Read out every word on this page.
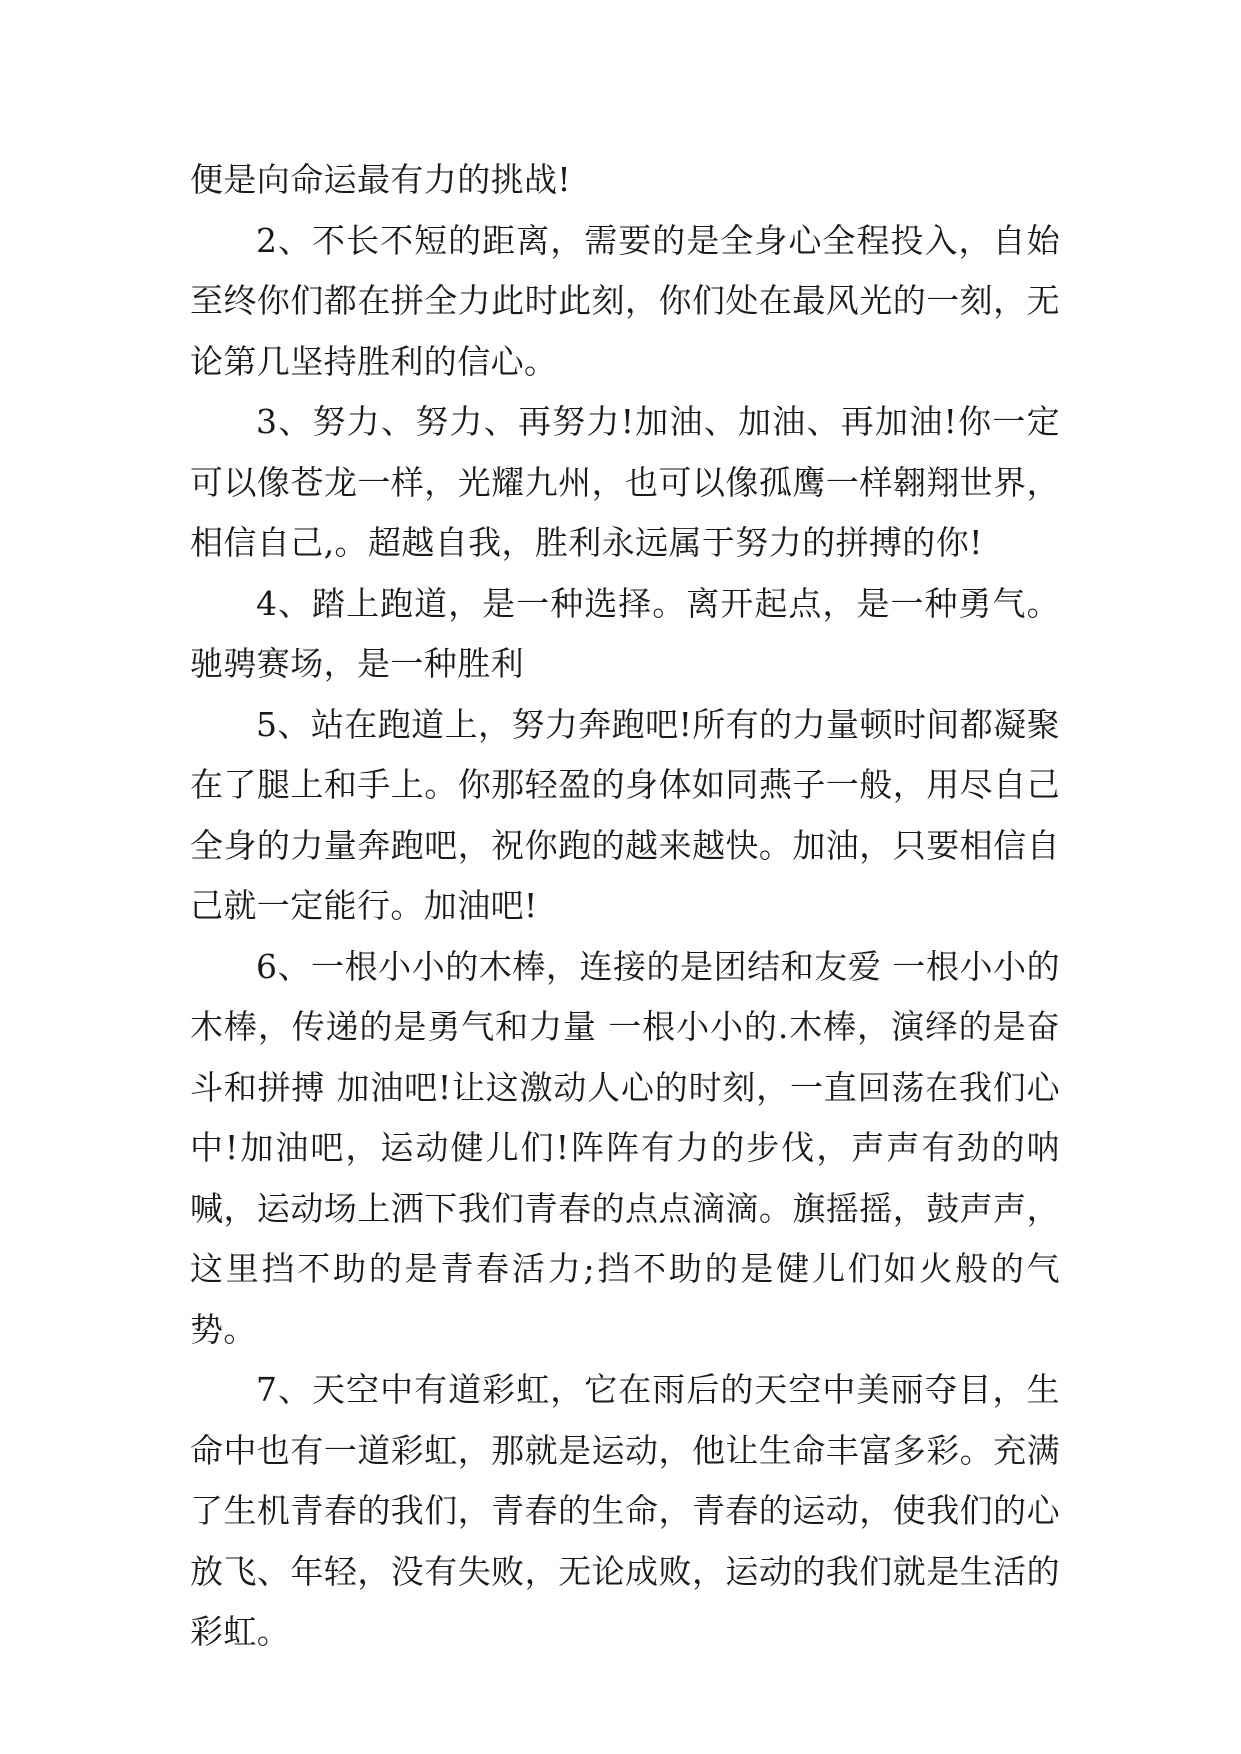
便是向命运最有力的挑战!

2、不长不短的距离，需要的是全身心全程投入，自始至终你们都在拼全力此时此刻，你们处在最风光的一刻，无论第几坚持胜利的信心。

3、努力、努力、再努力!加油、加油、再加油!你一定可以像苍龙一样，光耀九州，也可以像孤鹰一样翱翔世界，相信自己,。超越自我，胜利永远属于努力的拼搏的你!

4、踏上跑道，是一种选择。离开起点，是一种勇气。驰骋赛场，是一种胜利

5、站在跑道上，努力奔跑吧!所有的力量顿时间都凝聚在了腿上和手上。你那轻盈的身体如同燕子一般，用尽自己全身的力量奔跑吧，祝你跑的越来越快。加油，只要相信自己就一定能行。加油吧!

6、一根小小的木棒，连接的是团结和友爱 一根小小的木棒，传递的是勇气和力量 一根小小的.木棒，演绎的是奋斗和拼搏 加油吧!让这激动人心的时刻，一直回荡在我们心中!加油吧，运动健儿们!阵阵有力的步伐，声声有劲的呐喊，运动场上洒下我们青春的点点滴滴。旗摇摇，鼓声声，这里挡不助的是青春活力;挡不助的是健儿们如火般的气势。

7、天空中有道彩虹，它在雨后的天空中美丽夺目，生命中也有一道彩虹，那就是运动，他让生命丰富多彩。充满了生机青春的我们，青春的生命，青春的运动，使我们的心放飞、年轻，没有失败，无论成败，运动的我们就是生活的彩虹。
